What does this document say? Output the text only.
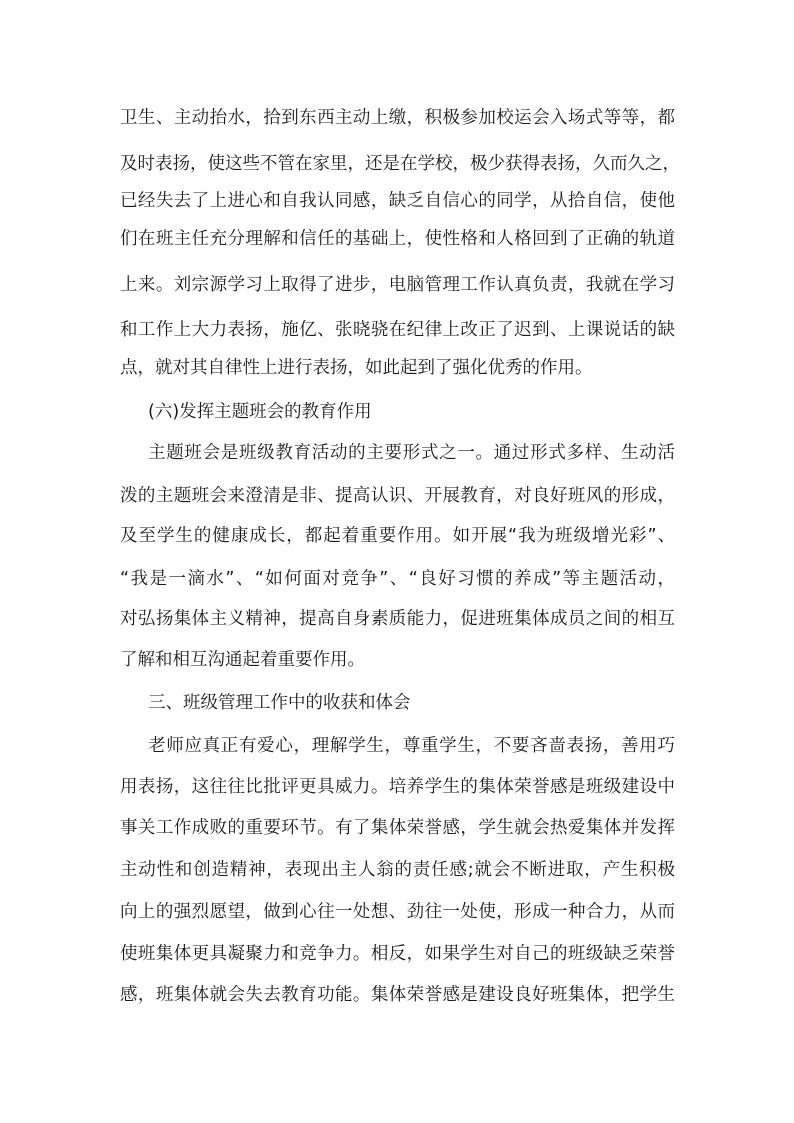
卫生、主动抬水，拾到东西主动上缴，积极参加校运会入场式等等，都
及时表扬，使这些不管在家里，还是在学校，极少获得表扬，久而久之，
已经失去了上进心和自我认同感，缺乏自信心的同学，从拾自信，使他
们在班主任充分理解和信任的基础上，使性格和人格回到了正确的轨道
上来。刘宗源学习上取得了进步，电脑管理工作认真负责，我就在学习
和工作上大力表扬，施亿、张晓骁在纪律上改正了迟到、上课说话的缺
点，就对其自律性上进行表扬，如此起到了强化优秀的作用。
(六)发挥主题班会的教育作用
主题班会是班级教育活动的主要形式之一。通过形式多样、生动活
泼的主题班会来澄清是非、提高认识、开展教育，对良好班风的形成，
及至学生的健康成长，都起着重要作用。如开展“我为班级增光彩”、
“我是一滴水”、“如何面对竞争”、“良好习惯的养成”等主题活动，
对弘扬集体主义精神，提高自身素质能力，促进班集体成员之间的相互
了解和相互沟通起着重要作用。
三、班级管理工作中的收获和体会
老师应真正有爱心，理解学生，尊重学生，不要吝啬表扬，善用巧
用表扬，这往往比批评更具威力。培养学生的集体荣誉感是班级建设中
事关工作成败的重要环节。有了集体荣誉感，学生就会热爱集体并发挥
主动性和创造精神，表现出主人翁的责任感;就会不断进取，产生积极
向上的强烈愿望，做到心往一处想、劲往一处使，形成一种合力，从而
使班集体更具凝聚力和竞争力。相反，如果学生对自己的班级缺乏荣誉
感，班集体就会失去教育功能。集体荣誉感是建设良好班集体，把学生
